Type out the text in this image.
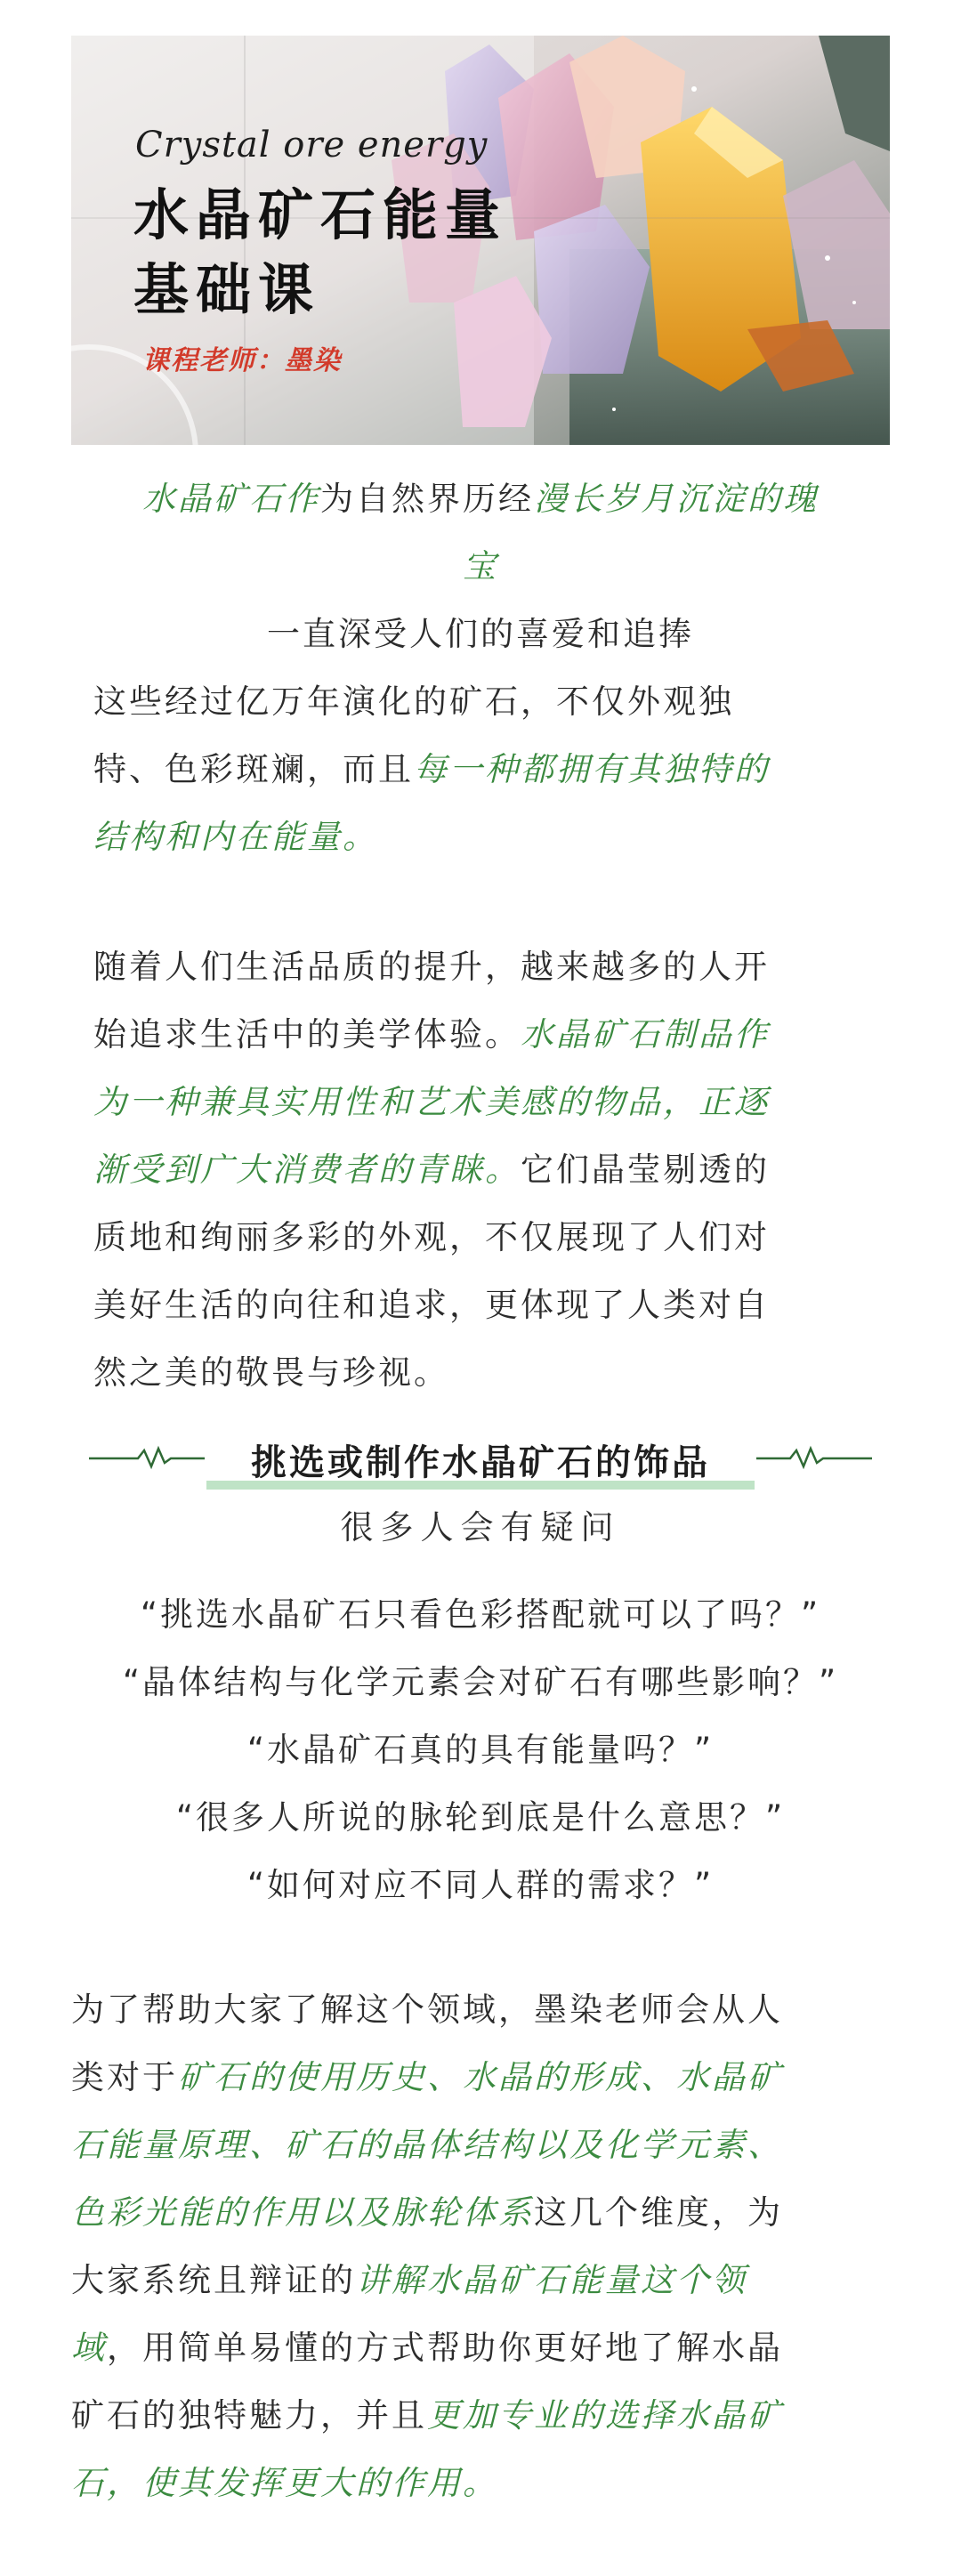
Crystal ore energy
水晶矿石能量
基础课
课程老师：墨染
水晶矿石作为自然界历经漫长岁月沉淀的瑰
宝
一直深受人们的喜爱和追捧
这些经过亿万年演化的矿石，不仅外观独
特、色彩斑斓，而且每一种都拥有其独特的
结构和内在能量。
随着人们生活品质的提升，越来越多的人开
始追求生活中的美学体验。水晶矿石制品作
为一种兼具实用性和艺术美感的物品，正逐
渐受到广大消费者的青睐。它们晶莹剔透的
质地和绚丽多彩的外观，不仅展现了人们对
美好生活的向往和追求，更体现了人类对自
然之美的敬畏与珍视。
挑选或制作水晶矿石的饰品
很多人会有疑问
“挑选水晶矿石只看色彩搭配就可以了吗？”
“晶体结构与化学元素会对矿石有哪些影响？”
“水晶矿石真的具有能量吗？”
“很多人所说的脉轮到底是什么意思？”
“如何对应不同人群的需求？”
为了帮助大家了解这个领域，墨染老师会从人
类对于矿石的使用历史、水晶的形成、水晶矿
石能量原理、矿石的晶体结构以及化学元素、
色彩光能的作用以及脉轮体系这几个维度，为
大家系统且辩证的讲解水晶矿石能量这个领
域，用简单易懂的方式帮助你更好地了解水晶
矿石的独特魅力，并且更加专业的选择水晶矿
石，使其发挥更大的作用。
